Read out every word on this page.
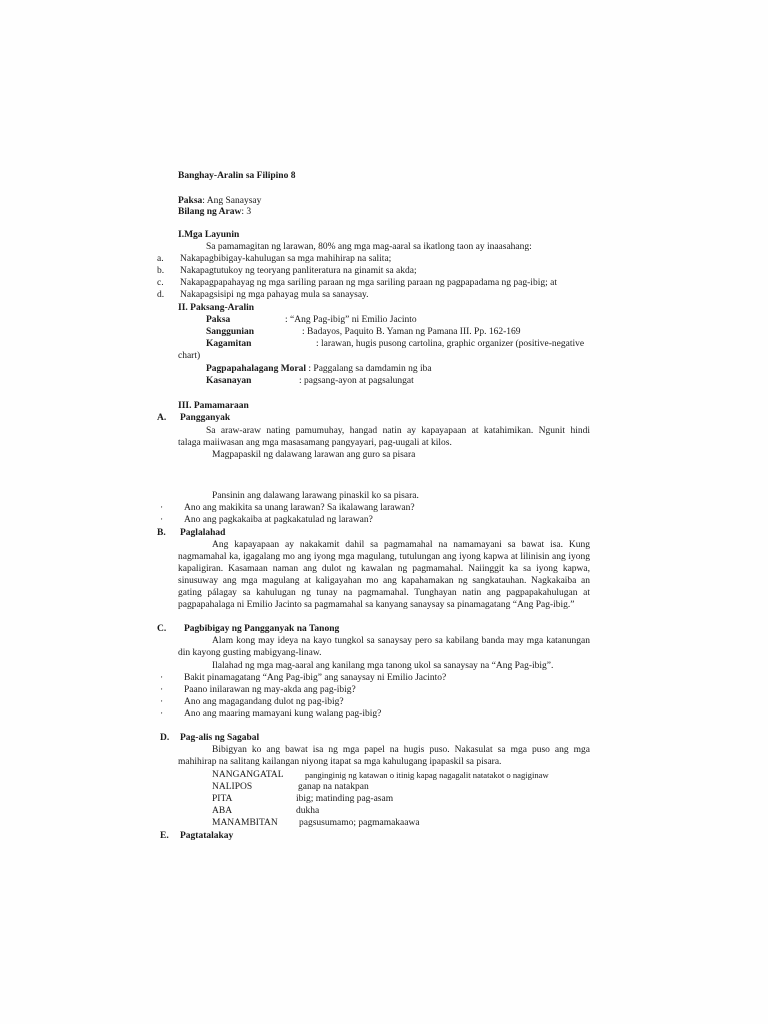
Banghay-Aralin sa Filipino 8
Paksa: Ang Sanaysay
Bilang ng Araw: 3
I.Mga Layunin
Sa pamamagitan ng larawan, 80% ang mga mag-aaral sa ikatlong taon ay inaasahang:
a. Nakapagbibigay-kahulugan sa mga mahihirap na salita;
b. Nakapagtutukoy ng teoryang panliteratura na ginamit sa akda;
c. Nakapagpapahayag ng mga sariling paraan ng mga sariling paraan ng pagpapadama ng pag-ibig; at
d. Nakapagsisipi ng mga pahayag mula sa sanaysay.
II. Paksang-Aralin
Paksa	: “Ang Pag-ibig” ni Emilio Jacinto
Sanggunian	: Badayos, Paquito B. Yaman ng Pamana III. Pp. 162-169
Kagamitan	: larawan, hugis pusong cartolina, graphic organizer (positive-negative
chart)
Pagpapahalagang Moral : Paggalang sa damdamin ng iba
Kasanayan	: pagsang-ayon at pagsalungat
III. Pamamaraan
A. Pangganyak
Sa araw-araw nating pamumuhay, hangad natin ay kapayapaan at katahimikan. Ngunit hindi
talaga maiiwasan ang mga masasamang pangyayari, pag-uugali at kilos.
Magpapaskil ng dalawang larawan ang guro sa pisara
Pansinin ang dalawang larawang pinaskil ko sa pisara.
· Ano ang makikita sa unang larawan? Sa ikalawang larawan?
· Ano ang pagkakaiba at pagkakatulad ng larawan?
B. Paglalahad
Ang kapayapaan ay nakakamit dahil sa pagmamahal na namamayani sa bawat isa. Kung
nagmamahal ka, igagalang mo ang iyong mga magulang, tutulungan ang iyong kapwa at lilinisin ang iyong
kapaligiran. Kasamaan naman ang dulot ng kawalan ng pagmamahal. Naiinggit ka sa iyong kapwa,
sinusuway ang mga magulang at kaligayahan mo ang kapahamakan ng sangkatauhan. Nagkakaiba an
gating pálagay sa kahulugan ng tunay na pagmamahal. Tunghayan natin ang pagpapakahulugan at
pagpapahalaga ni Emilio Jacinto sa pagmamahal sa kanyang sanaysay sa pinamagatang “Ang Pag-ibig.”
C. Pagbibigay ng Pangganyak na Tanong
Alam kong may ideya na kayo tungkol sa sanaysay pero sa kabilang banda may mga katanungan
din kayong gusting mabigyang-linaw.
Ilalahad ng mga mag-aaral ang kanilang mga tanong ukol sa sanaysay na “Ang Pag-ibig”.
· Bakit pinamagatang “Ang Pag-ibig” ang sanaysay ni Emilio Jacinto?
· Paano inilarawan ng may-akda ang pag-ibig?
· Ano ang magagandang dulot ng pag-ibig?
· Ano ang maaring mamayani kung walang pag-ibig?
D. Pag-alis ng Sagabal
Bibigyan ko ang bawat isa ng mga papel na hugis puso. Nakasulat sa mga puso ang mga
mahihirap na salitang kailangan niyong itapat sa mga kahulugang ipapaskil sa pisara.
NANGANGATAL panginginig ng katawan o itinig kapag nagagalit natatakot o nagiginaw
NALIPOS	ganap na natakpan
PITA	ibig; matinding pag-asam
ABA	dukha
MANAMBITAN pagsusumamo; pagmamakaawa
E. Pagtatalakay
